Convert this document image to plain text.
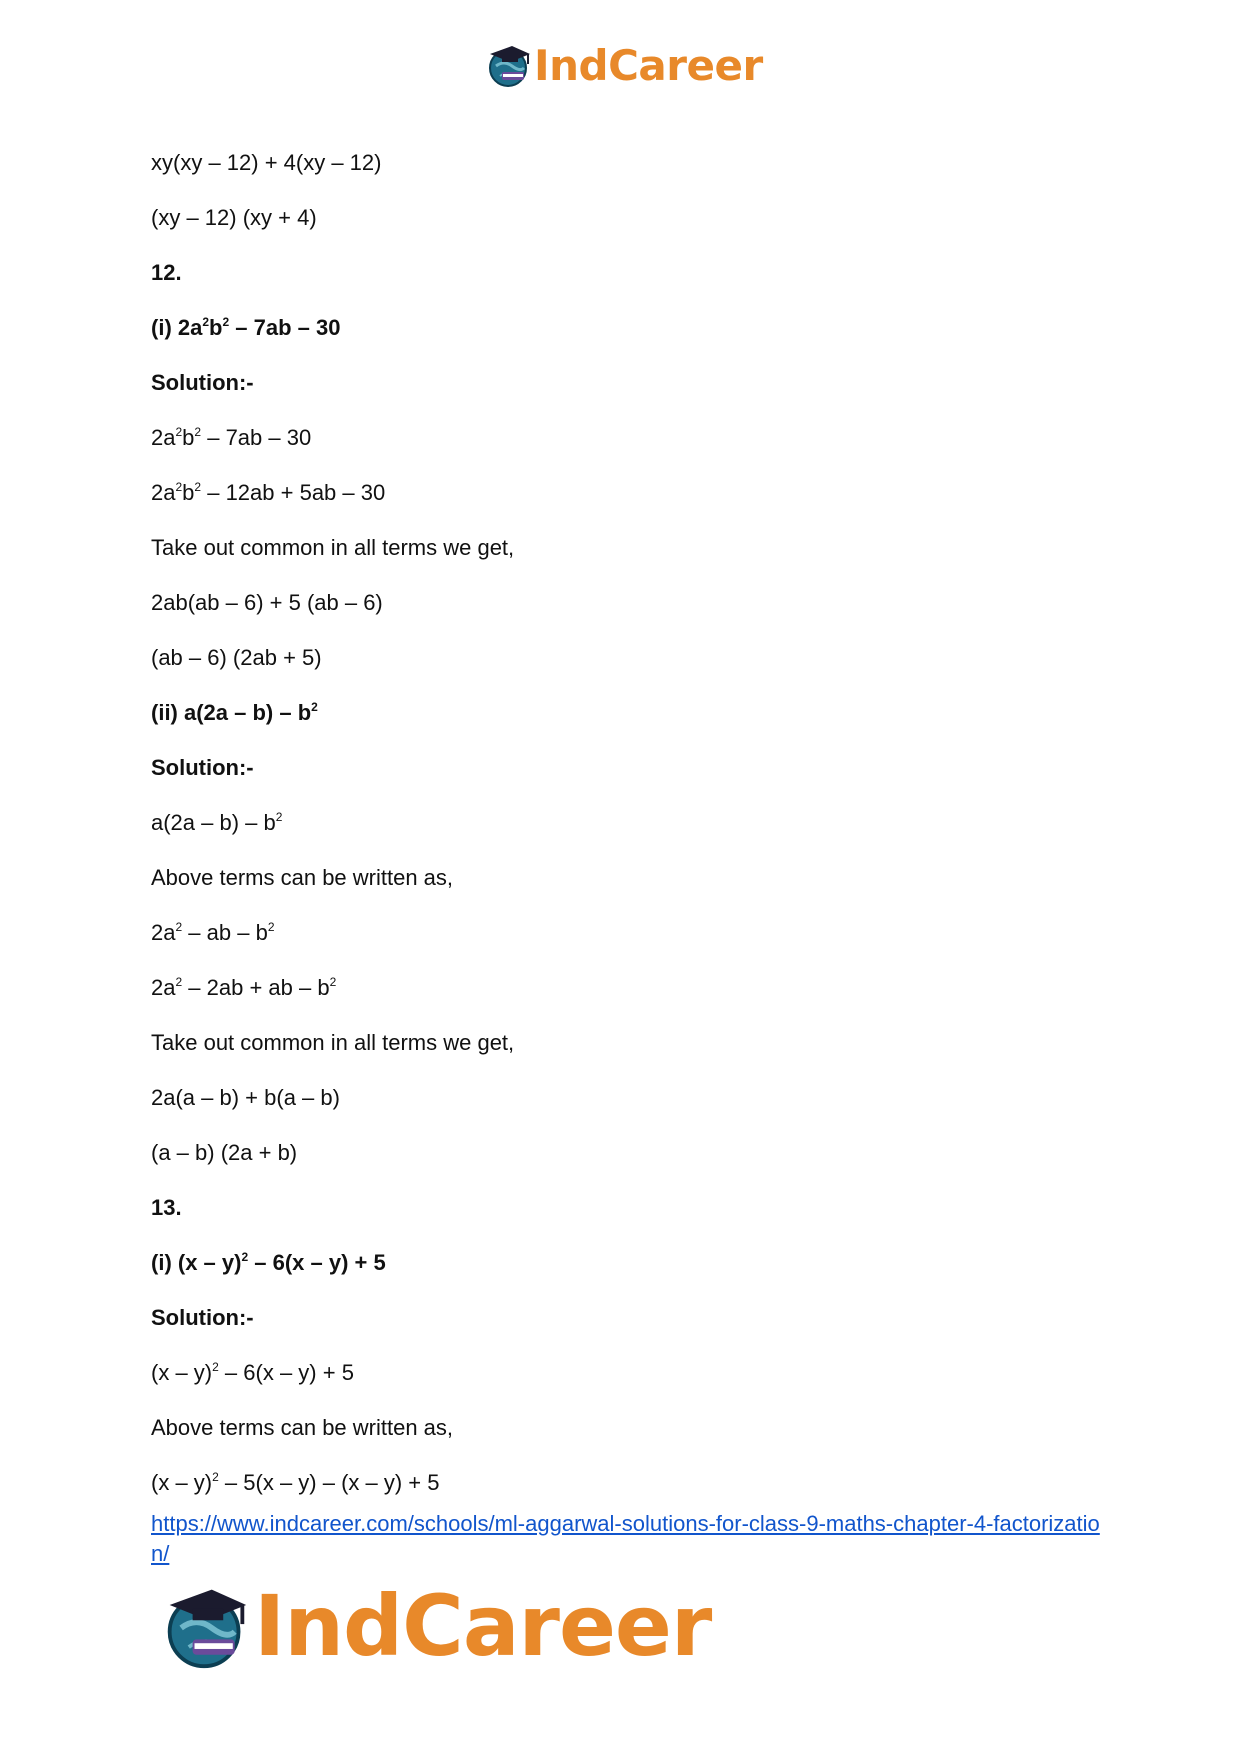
IndCareer
xy(xy – 12) + 4(xy – 12)
(xy – 12) (xy + 4)
12.
(i) $2a^2b^2 - 7ab - 30$
Solution:-
$2a^2b^2 - 7ab - 30$
$2a^2b^2 - 12ab + 5ab - 30$
Take out common in all terms we get,
2ab(ab – 6) + 5 (ab – 6)
(ab – 6) (2ab + 5)
(ii) $a(2a - b) - b^2$
Solution:-
$a(2a - b) - b^2$
Above terms can be written as,
$2a^2$ – ab – $b^2$
$2a^2 - 2ab$ + ab – $b^2$
Take out common in all terms we get,
2a(a – b) + b(a – b)
(a – b) (2a + b)
13.
(i) (x – y)$^2$ – 6(x – y) + 5
Solution:-
(x – y)$^2$ – 6(x – y) + 5
Above terms can be written as,
(x – y)$^2$ – 5(x – y) – (x – y) + 5
https://www.indcareer.com/schools/ml-aggarwal-solutions-for-class-9-maths-chapter-4-factorization/
IndCareer
